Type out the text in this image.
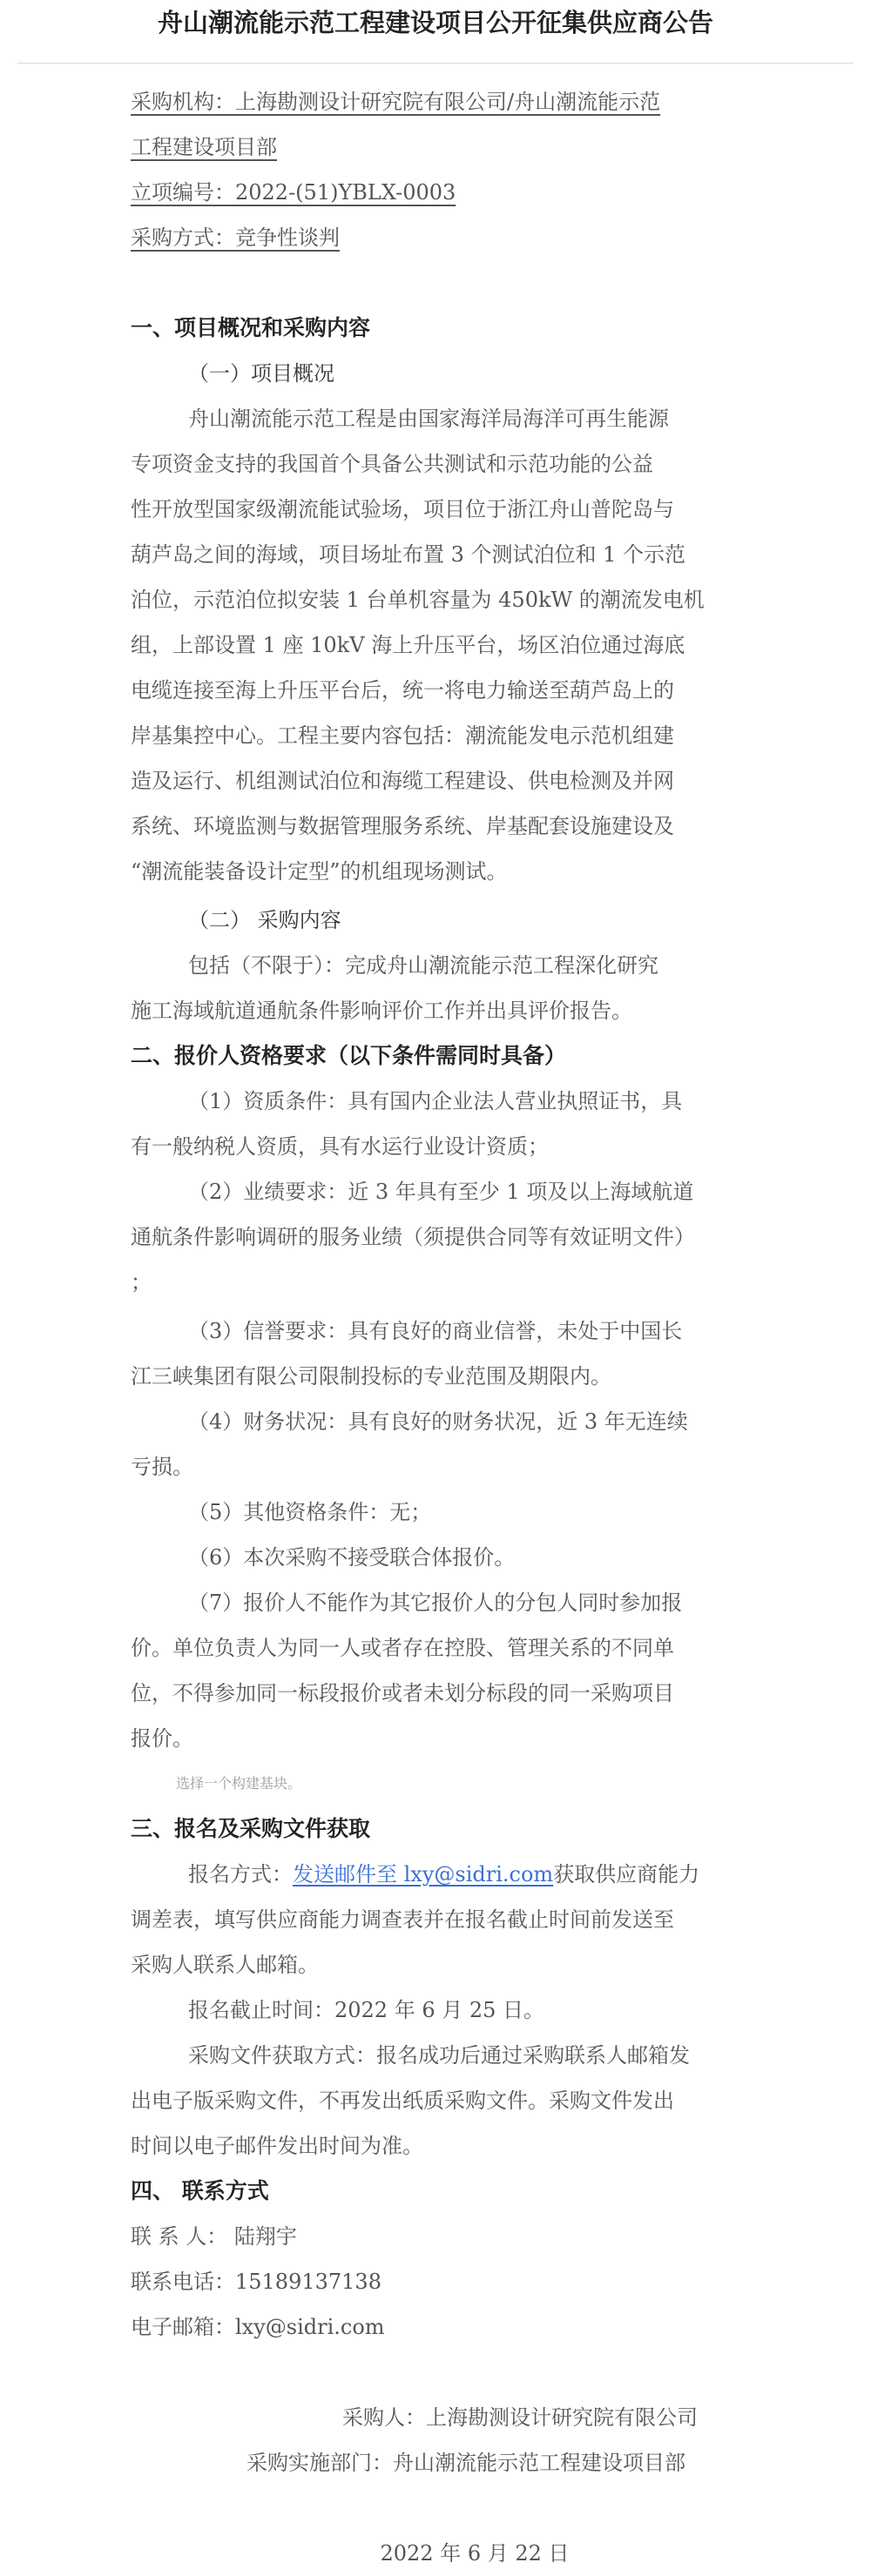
舟山潮流能示范工程建设项目公开征集供应商公告

采购机构：上海勘测设计研究院有限公司/舟山潮流能示范

工程建设项目部

立项编号：2022-(51)YBLX-0003

采购方式：竞争性谈判

一、项目概况和采购内容

（一）项目概况

舟山潮流能示范工程是由国家海洋局海洋可再生能源

专项资金支持的我国首个具备公共测试和示范功能的公益

性开放型国家级潮流能试验场，项目位于浙江舟山普陀岛与

葫芦岛之间的海域，项目场址布置 3 个测试泊位和 1 个示范

泊位，示范泊位拟安装 1 台单机容量为 450kW 的潮流发电机

组，上部设置 1 座 10kV 海上升压平台，场区泊位通过海底

电缆连接至海上升压平台后，统一将电力输送至葫芦岛上的

岸基集控中心。工程主要内容包括：潮流能发电示范机组建

造及运行、机组测试泊位和海缆工程建设、供电检测及并网

系统、环境监测与数据管理服务系统、岸基配套设施建设及

“潮流能装备设计定型”的机组现场测试。

（二） 采购内容

包括（不限于）：完成舟山潮流能示范工程深化研究

施工海域航道通航条件影响评价工作并出具评价报告。

二、报价人资格要求（以下条件需同时具备）

（1）资质条件：具有国内企业法人营业执照证书，具

有一般纳税人资质，具有水运行业设计资质；

（2）业绩要求：近 3 年具有至少 1 项及以上海域航道

通航条件影响调研的服务业绩（须提供合同等有效证明文件）

；

（3）信誉要求：具有良好的商业信誉，未处于中国长

江三峡集团有限公司限制投标的专业范围及期限内。

（4）财务状况：具有良好的财务状况，近 3 年无连续

亏损。

（5）其他资格条件：无；

（6）本次采购不接受联合体报价。

（7）报价人不能作为其它报价人的分包人同时参加报

价。单位负责人为同一人或者存在控股、管理关系的不同单

位，不得参加同一标段报价或者未划分标段的同一采购项目

报价。

选择一个构建基块。

三、报名及采购文件获取

报名方式：发送邮件至 lxy@sidri.com获取供应商能力

调差表，填写供应商能力调查表并在报名截止时间前发送至

采购人联系人邮箱。

报名截止时间：2022 年 6 月 25 日。

采购文件获取方式：报名成功后通过采购联系人邮箱发

出电子版采购文件，不再发出纸质采购文件。采购文件发出

时间以电子邮件发出时间为准。

四、 联系方式

联 系 人： 陆翔宇

联系电话：15189137138

电子邮箱：lxy@sidri.com

采购人：上海勘测设计研究院有限公司

采购实施部门：舟山潮流能示范工程建设项目部

2022 年 6 月 22 日
